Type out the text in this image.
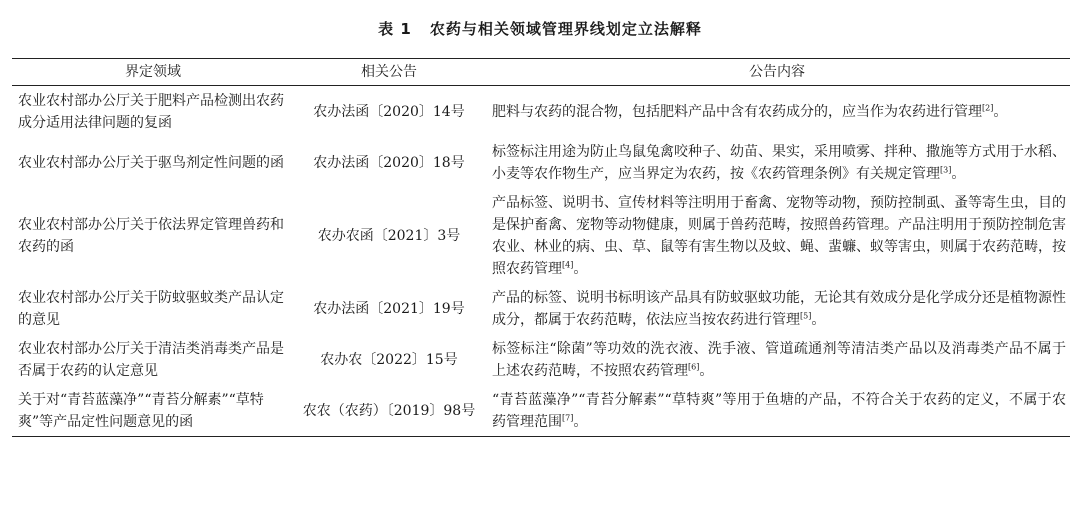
表 1 农药与相关领域管理界线划定立法解释
界定领域	相关公告	公告内容
农业农村部办公厅关于肥料产品检测出农药成分适用法律问题的复函	农办法函〔2020〕14号	肥料与农药的混合物，包括肥料产品中含有农药成分的，应当作为农药进行管理[2]。
农业农村部办公厅关于驱鸟剂定性问题的函	农办法函〔2020〕18号	标签标注用途为防止鸟鼠兔禽咬种子、幼苗、果实，采用喷雾、拌种、撒施等方式用于水稻、小麦等农作物生产，应当界定为农药，按《农药管理条例》有关规定管理[3]。
农业农村部办公厅关于依法界定管理兽药和农药的函	农办农函〔2021〕3号	产品标签、说明书、宣传材料等注明用于畜禽、宠物等动物，预防控制虱、蚤等寄生虫，目的是保护畜禽、宠物等动物健康，则属于兽药范畴，按照兽药管理。产品注明用于预防控制危害农业、林业的病、虫、草、鼠等有害生物以及蚊、蝇、蜚蠊、蚁等害虫，则属于农药范畴，按照农药管理[4]。
农业农村部办公厅关于防蚊驱蚊类产品认定的意见	农办法函〔2021〕19号	产品的标签、说明书标明该产品具有防蚊驱蚊功能，无论其有效成分是化学成分还是植物源性成分，都属于农药范畴，依法应当按农药进行管理[5]。
农业农村部办公厅关于清洁类消毒类产品是否属于农药的认定意见	农办农〔2022〕15号	标签标注“除菌”等功效的洗衣液、洗手液、管道疏通剂等清洁类产品以及消毒类产品不属于上述农药范畴，不按照农药管理[6]。
关于对“青苔蓝藻净”“青苔分解素”“草特爽”等产品定性问题意见的函	农农（农药）〔2019〕98号	“青苔蓝藻净”“青苔分解素”“草特爽”等用于鱼塘的产品，不符合关于农药的定义，不属于农药管理范围[7]。
